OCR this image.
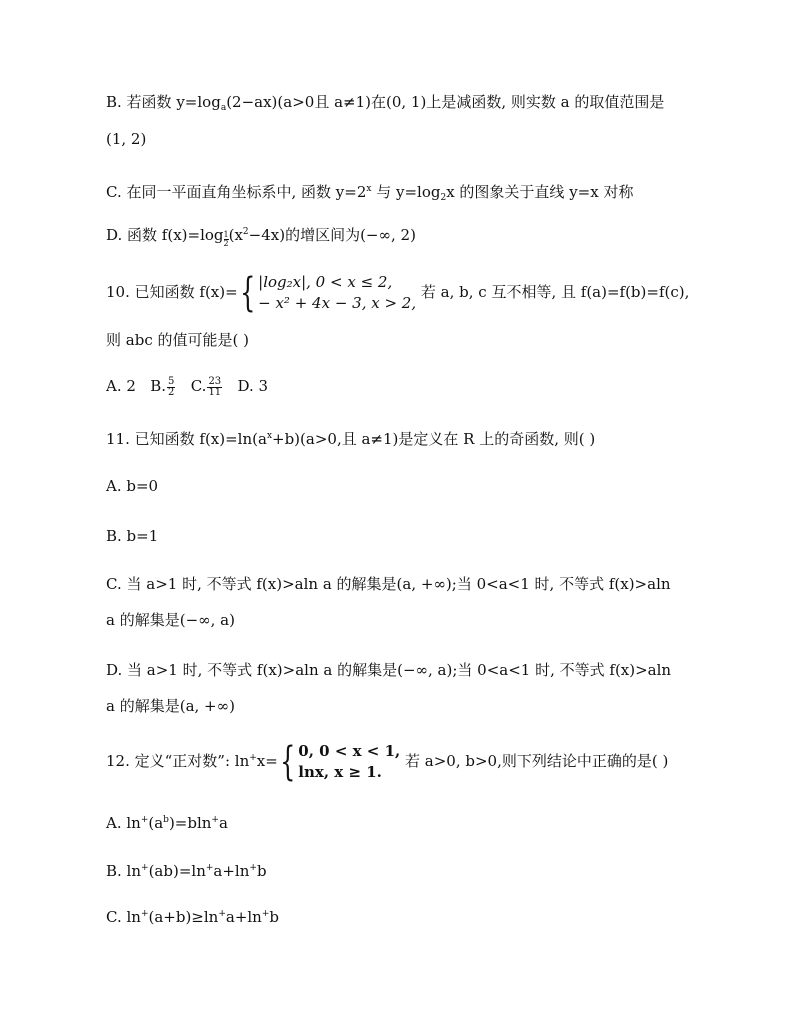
B. 若函数 $y=\log_a(2-ax)(a>0$且 a≠1)在(0, 1)上是减函数, 则实数 a 的取值范围是
(1, 2)
C. 在同一平面直角坐标系中, 函数 $y=2^x$ 与 $y=\log_2x$ 的图象关于直线 y=x 对称
D. 函数 $f(x)=\log \frac{1}{2} (x^2-4x)$的增区间为(−∞, 2)
10. 已知函数 f(x)={ |log₂x|, 0 < x ≤ 2,
− x² + 4x − 3, x > 2,
若 a, b, c 互不相等, 且 f(a)=f(b)=f(c),
则 abc 的值可能是( )
A. 2 B. $\frac{5}{2} C$. $\frac{23}{11} D$. 3
11. 已知函数 $f(x)=\ln(a^x+b)(a>0$,且 a≠1)是定义在 R 上的奇函数, 则( )
A. b=0
B. b=1
C. 当 a>1 时, 不等式 f(x)>aln a 的解集是(a, +∞);当 0<a<1 时, 不等式 f(x)>aln
a 的解集是(−∞, a)
D. 当 a>1 时, 不等式 f(x)>aln a 的解集是(−∞, a);当 0<a<1 时, 不等式 f(x)>aln
a 的解集是(a, +∞)
12. 定义“正对数”: ln+x={ 0, 0 < x < 1,
lnx, x ≥ 1.
若 a>0, b>0,则下列结论中正确的是( )
A. $\ln^+(a^b)=bln^+a$
B. ln+(ab)=ln+a+ln+b
C. ln+(a+b)≥ln+a+ln+b
